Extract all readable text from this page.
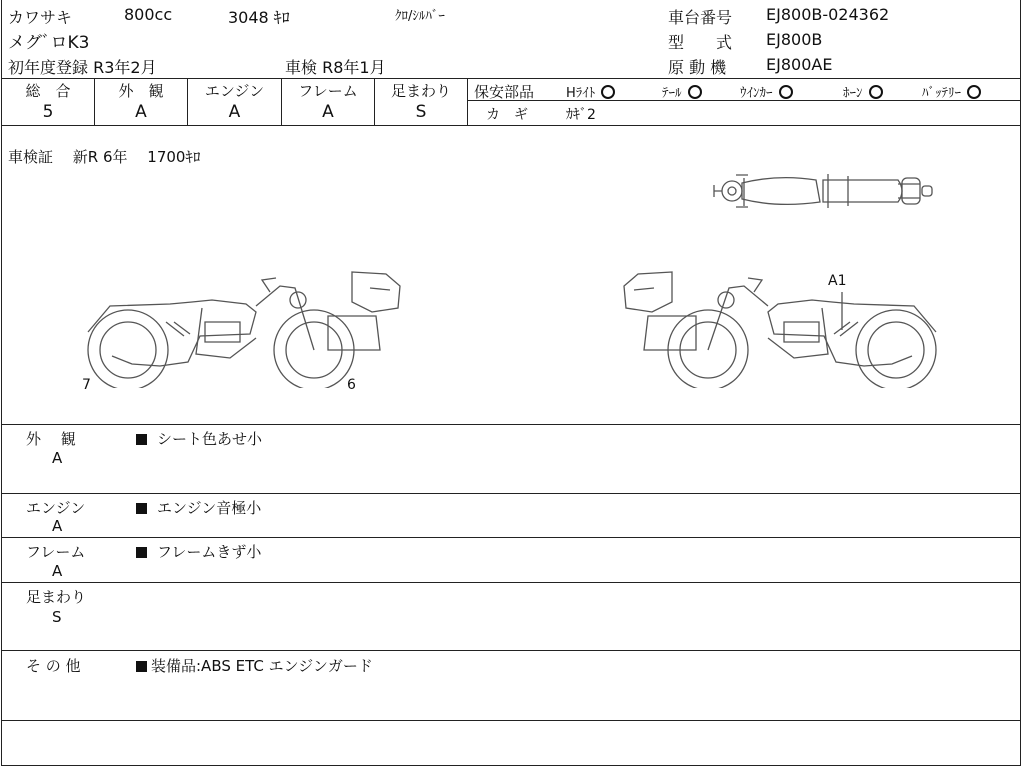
カワサキ	800cc	3048 ｷﾛ	ｸﾛ/ｼﾙﾊﾞｰ
メグﾞロK3
初年度登録 R3年2月	車検 R8年1月
車台番号 EJ800B-024362
型　　式 EJ800B
原 動 機 EJ800AE
総　合
5
外　観
A
エンジン
A
フレーム
A
足まわり
S
保安部品 Hﾗｲﾄ	ﾃｰﾙ	ｳｲﾝｶｰ	ﾎｰﾝ	ﾊﾞｯﾃﾘｰ
カ　ギ	ｶｷﾞ2
車検証　 新R 6年　 1700ｷﾛ
7	6
A1
外　 観
A
シート色あせ小
エンジン
A
エンジン音極小
フレーム
A
フレームきず小
足まわり
S
そ の 他	装備品:ABS ETC エンジンガード
